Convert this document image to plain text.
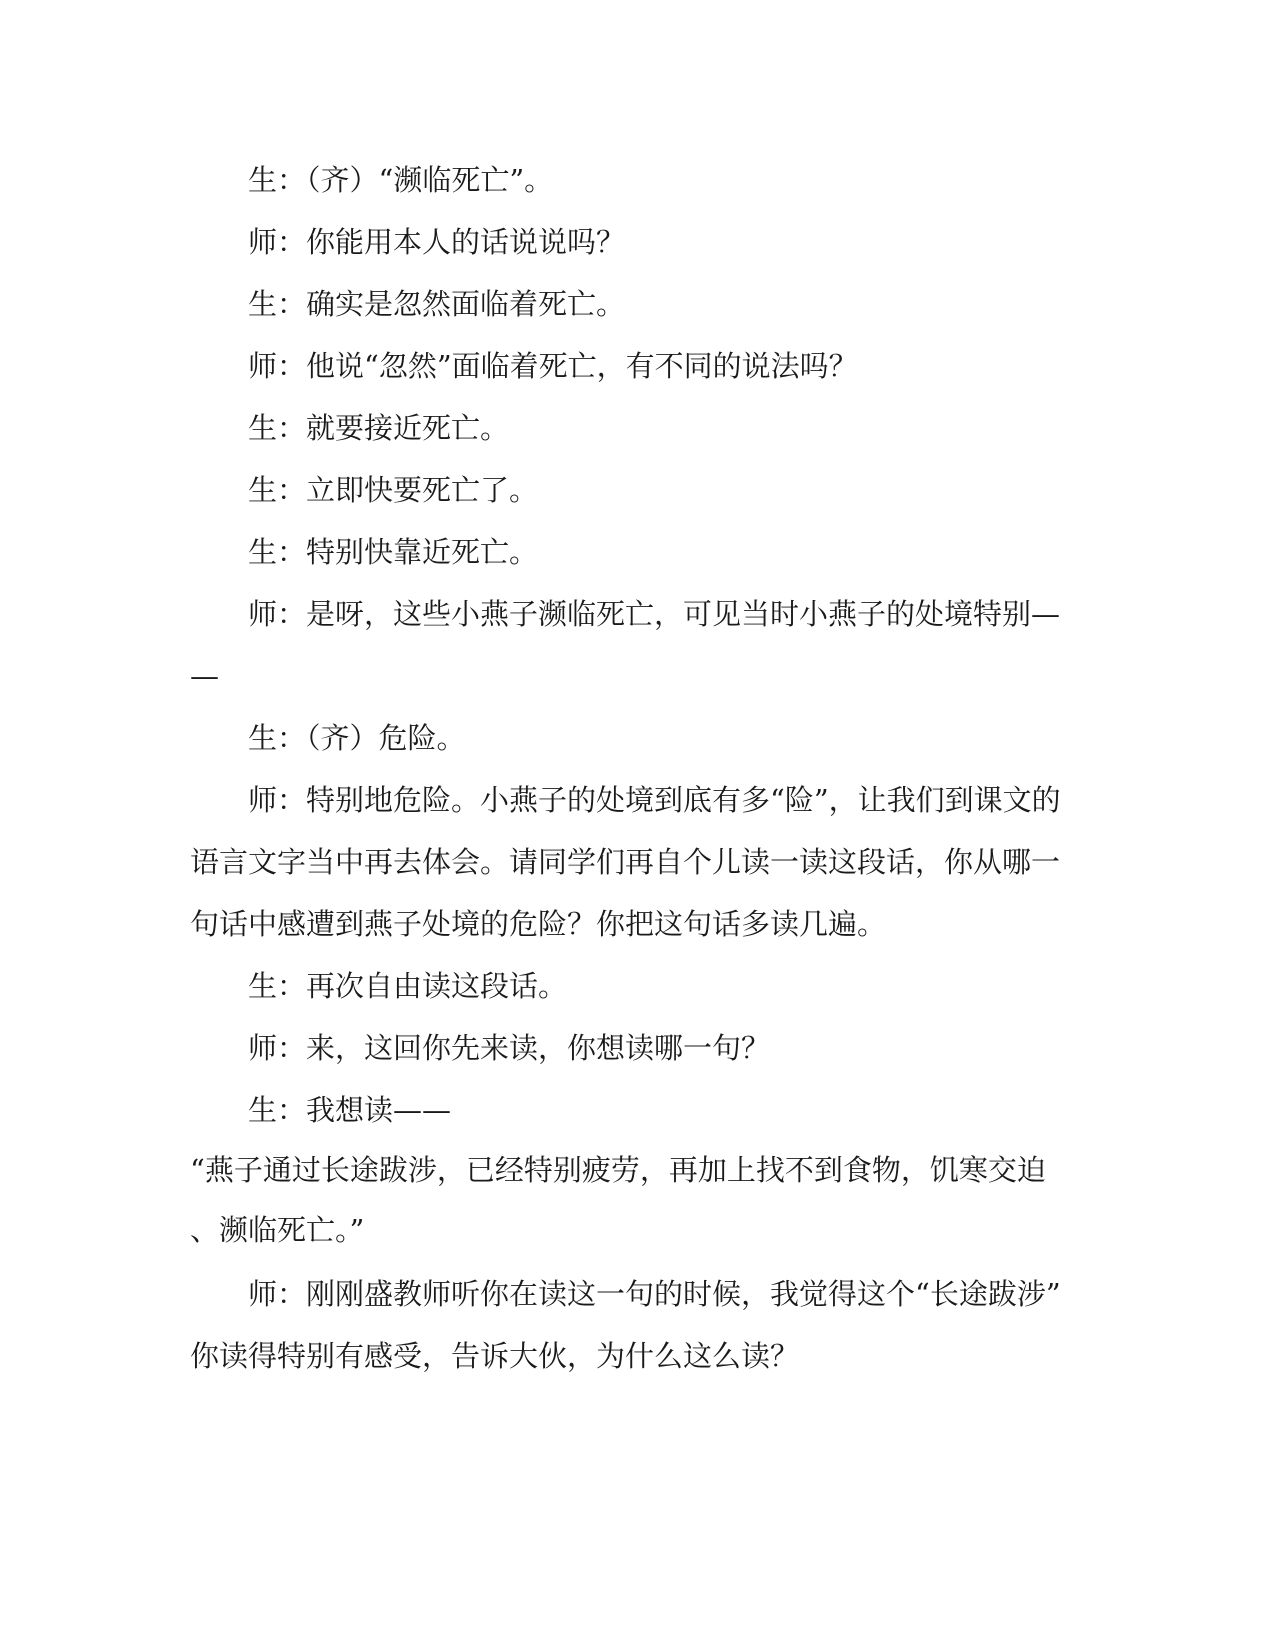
生：（齐）“濒临死亡”。

师：你能用本人的话说说吗？

生：确实是忽然面临着死亡。

师：他说“忽然”面临着死亡，有不同的说法吗？

生：就要接近死亡。

生：立即快要死亡了。

生：特别快靠近死亡。

师：是呀，这些小燕子濒临死亡，可见当时小燕子的处境特别—

—

生：（齐）危险。

师：特别地危险。小燕子的处境到底有多“险”，让我们到课文的

语言文字当中再去体会。请同学们再自个儿读一读这段话，你从哪一

句话中感遭到燕子处境的危险？你把这句话多读几遍。

生：再次自由读这段话。

师：来，这回你先来读，你想读哪一句？

生：我想读——

“燕子通过长途跋涉，已经特别疲劳，再加上找不到食物，饥寒交迫

、濒临死亡。”

师：刚刚盛教师听你在读这一句的时候，我觉得这个“长途跋涉”

你读得特别有感受，告诉大伙，为什么这么读？
